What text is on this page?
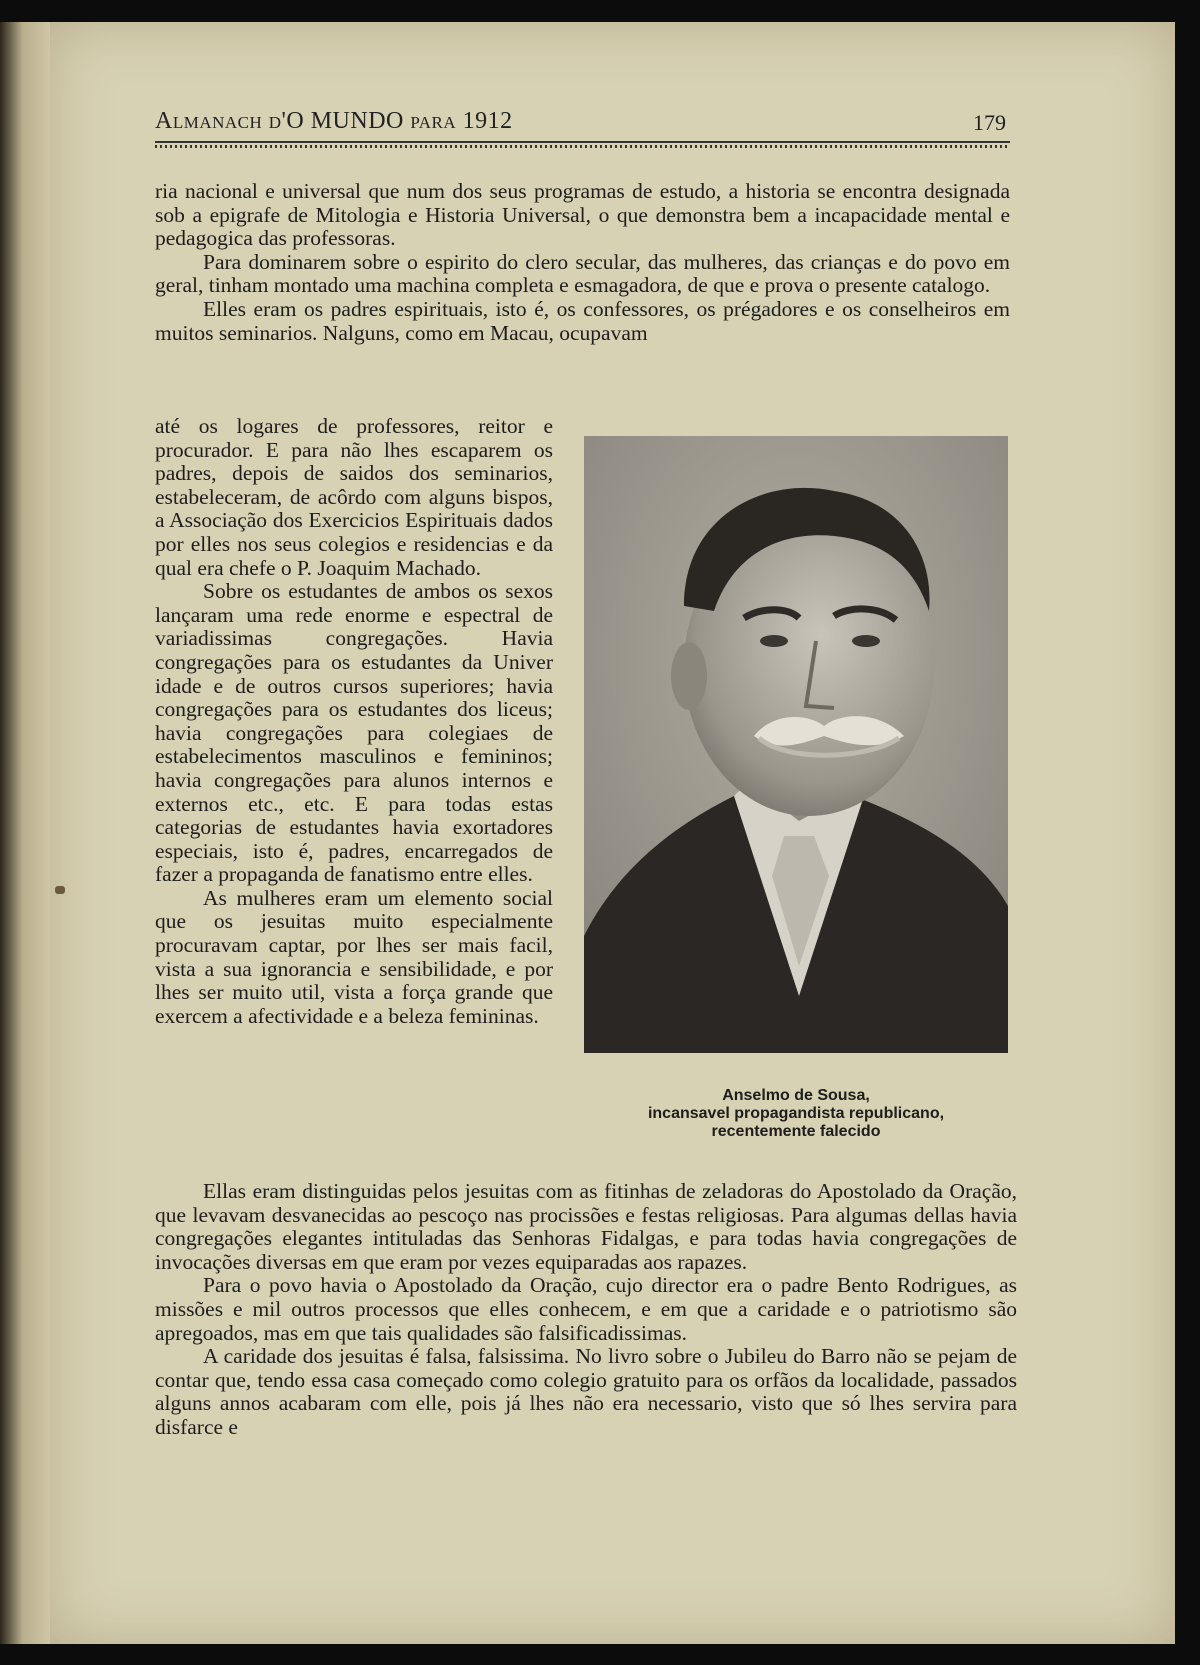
Almanach d'O MUNDO para 1912	179

ria nacional e universal que num dos seus programas de estudo, a historia se encontra designada sob a epigrafe de Mitologia e Historia Universal, o que demonstra bem a incapacidade mental e pedagogica das professoras.

Para dominarem sobre o espirito do clero secular, das mulheres, das crianças e do povo em geral, tinham montado uma machina completa e esmagadora, de que e prova o presente catalogo.

Elles eram os padres espirituais, isto é, os confessores, os prégadores e os conselheiros em muitos seminarios. Nalguns, como em Macau, ocupavam

até os logares de professores, reitor e procurador. E para não lhes escaparem os padres, depois de saidos dos seminarios, estabeleceram, de acôrdo com alguns bispos, a Associação dos Exercicios Espirituais dados por elles nos seus colegios e residencias e da qual era chefe o P. Joaquim Machado.

Sobre os estudantes de ambos os sexos lançaram uma rede enorme e espectral de variadissimas congregações. Havia congregações para os estudantes da Univer idade e de outros cursos superiores; havia congregações para os estudantes dos liceus; havia congregações para colegiaes de estabelecimentos masculinos e femininos; havia congregações para alunos internos e externos etc., etc. E para todas estas categorias de estudantes havia exortadores especiais, isto é, padres, encarregados de fazer a propaganda de fanatismo entre elles.

As mulheres eram um elemento social que os jesuitas muito especialmente procuravam captar, por lhes ser mais facil, vista a sua ignorancia e sensibilidade, e por lhes ser muito util, vista a força grande que exercem a afectividade e a beleza femininas.

Anselmo de Sousa,
incansavel propagandista republicano,
recentemente falecido

Ellas eram distinguidas pelos jesuitas com as fitinhas de zeladoras do Apostolado da Oração, que levavam desvanecidas ao pescoço nas procissões e festas religiosas. Para algumas dellas havia congregações elegantes intituladas das Senhoras Fidalgas, e para todas havia congregações de invocações diversas em que eram por vezes equiparadas aos rapazes.

Para o povo havia o Apostolado da Oração, cujo director era o padre Bento Rodrigues, as missões e mil outros processos que elles conhecem, e em que a caridade e o patriotismo são apregoados, mas em que tais qualidades são falsificadissimas.

A caridade dos jesuitas é falsa, falsissima. No livro sobre o Jubileu do Barro não se pejam de contar que, tendo essa casa começado como colegio gratuito para os orfãos da localidade, passados alguns annos acabaram com elle, pois já lhes não era necessario, visto que só lhes servira para disfarce e
